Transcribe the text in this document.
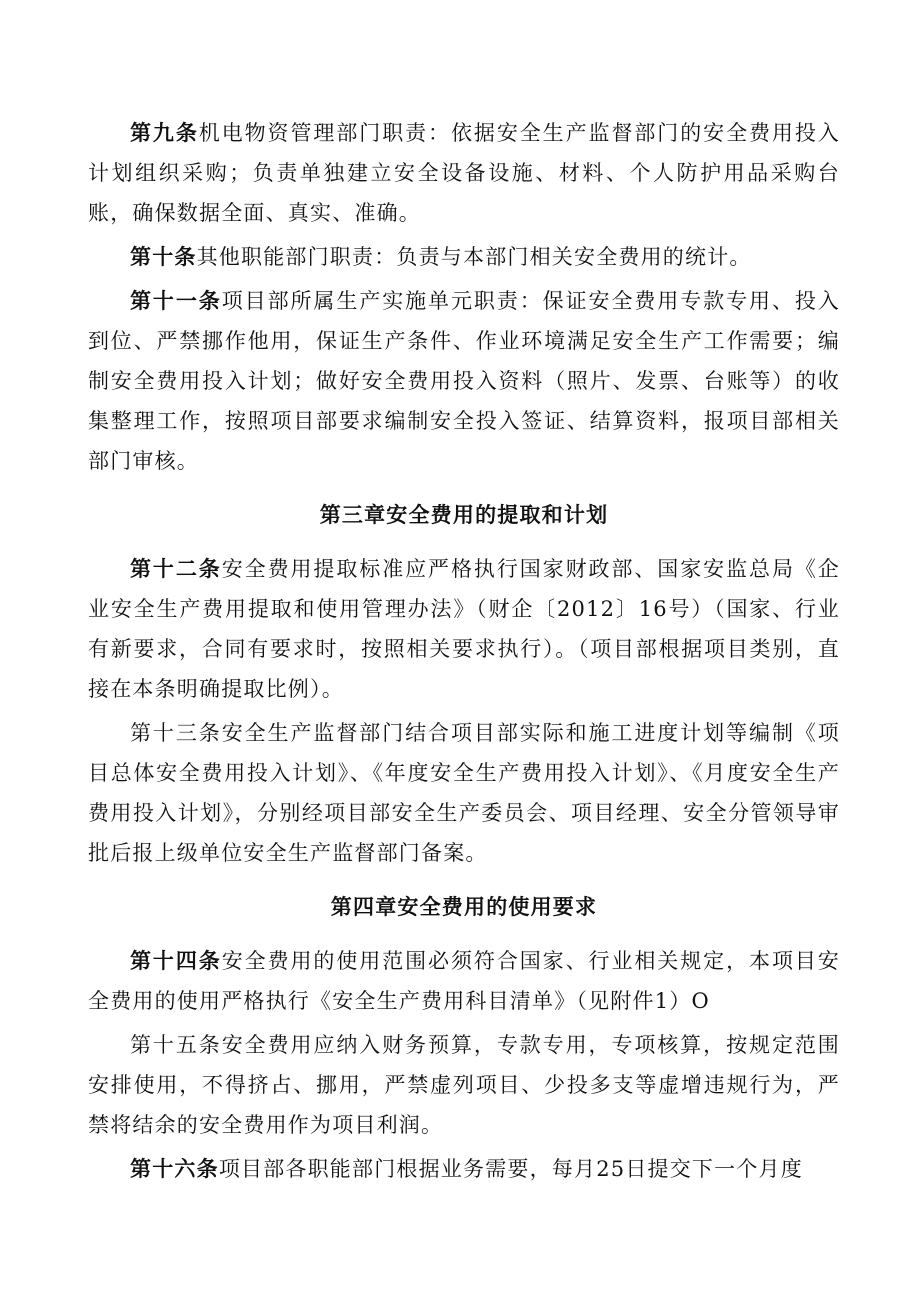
第九条机电物资管理部门职责：依据安全生产监督部门的安全费用投入计划组织采购；负责单独建立安全设备设施、材料、个人防护用品采购台账，确保数据全面、真实、准确。

第十条其他职能部门职责：负责与本部门相关安全费用的统计。

第十一条项目部所属生产实施单元职责：保证安全费用专款专用、投入到位、严禁挪作他用，保证生产条件、作业环境满足安全生产工作需要；编制安全费用投入计划；做好安全费用投入资料（照片、发票、台账等）的收集整理工作，按照项目部要求编制安全投入签证、结算资料，报项目部相关部门审核。

第三章安全费用的提取和计划

第十二条安全费用提取标准应严格执行国家财政部、国家安监总局《企业安全生产费用提取和使用管理办法》（财企〔2012〕16号）（国家、行业有新要求，合同有要求时，按照相关要求执行）。（项目部根据项目类别，直接在本条明确提取比例）。

第十三条安全生产监督部门结合项目部实际和施工进度计划等编制《项目总体安全费用投入计划》、《年度安全生产费用投入计划》、《月度安全生产费用投入计划》，分别经项目部安全生产委员会、项目经理、安全分管领导审批后报上级单位安全生产监督部门备案。

第四章安全费用的使用要求

第十四条安全费用的使用范围必须符合国家、行业相关规定，本项目安全费用的使用严格执行《安全生产费用科目清单》（见附件1）O

第十五条安全费用应纳入财务预算，专款专用，专项核算，按规定范围安排使用，不得挤占、挪用，严禁虚列项目、少投多支等虚增违规行为，严禁将结余的安全费用作为项目利润。

第十六条项目部各职能部门根据业务需要，每月25日提交下一个月度
